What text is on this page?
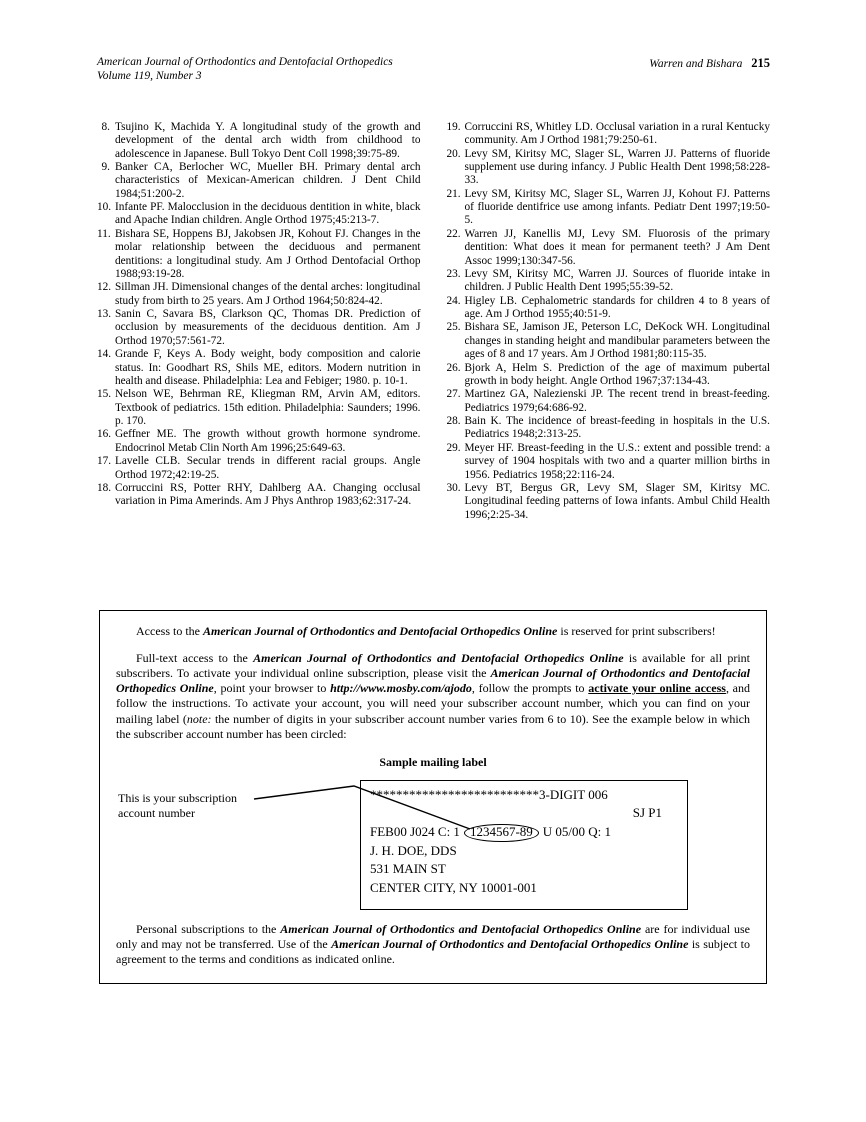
American Journal of Orthodontics and Dentofacial Orthopedics
Volume 119, Number 3
Warren and Bishara 215
8. Tsujino K, Machida Y. A longitudinal study of the growth and development of the dental arch width from childhood to adolescence in Japanese. Bull Tokyo Dent Coll 1998;39:75-89.
9. Banker CA, Berlocher WC, Mueller BH. Primary dental arch characteristics of Mexican-American children. J Dent Child 1984;51:200-2.
10. Infante PF. Malocclusion in the deciduous dentition in white, black and Apache Indian children. Angle Orthod 1975;45:213-7.
11. Bishara SE, Hoppens BJ, Jakobsen JR, Kohout FJ. Changes in the molar relationship between the deciduous and permanent dentitions: a longitudinal study. Am J Orthod Dentofacial Orthop 1988;93:19-28.
12. Sillman JH. Dimensional changes of the dental arches: longitudinal study from birth to 25 years. Am J Orthod 1964;50:824-42.
13. Sanin C, Savara BS, Clarkson QC, Thomas DR. Prediction of occlusion by measurements of the deciduous dentition. Am J Orthod 1970;57:561-72.
14. Grande F, Keys A. Body weight, body composition and calorie status. In: Goodhart RS, Shils ME, editors. Modern nutrition in health and disease. Philadelphia: Lea and Febiger; 1980. p. 10-1.
15. Nelson WE, Behrman RE, Kliegman RM, Arvin AM, editors. Textbook of pediatrics. 15th edition. Philadelphia: Saunders; 1996. p. 170.
16. Geffner ME. The growth without growth hormone syndrome. Endocrinol Metab Clin North Am 1996;25:649-63.
17. Lavelle CLB. Secular trends in different racial groups. Angle Orthod 1972;42:19-25.
18. Corruccini RS, Potter RHY, Dahlberg AA. Changing occlusal variation in Pima Amerinds. Am J Phys Anthrop 1983;62:317-24.
19. Corruccini RS, Whitley LD. Occlusal variation in a rural Kentucky community. Am J Orthod 1981;79:250-61.
20. Levy SM, Kiritsy MC, Slager SL, Warren JJ. Patterns of fluoride supplement use during infancy. J Public Health Dent 1998;58:228-33.
21. Levy SM, Kiritsy MC, Slager SL, Warren JJ, Kohout FJ. Patterns of fluoride dentifrice use among infants. Pediatr Dent 1997;19:50-5.
22. Warren JJ, Kanellis MJ, Levy SM. Fluorosis of the primary dentition: What does it mean for permanent teeth? J Am Dent Assoc 1999;130:347-56.
23. Levy SM, Kiritsy MC, Warren JJ. Sources of fluoride intake in children. J Public Health Dent 1995;55:39-52.
24. Higley LB. Cephalometric standards for children 4 to 8 years of age. Am J Orthod 1955;40:51-9.
25. Bishara SE, Jamison JE, Peterson LC, DeKock WH. Longitudinal changes in standing height and mandibular parameters between the ages of 8 and 17 years. Am J Orthod 1981;80:115-35.
26. Bjork A, Helm S. Prediction of the age of maximum pubertal growth in body height. Angle Orthod 1967;37:134-43.
27. Martinez GA, Nalezienski JP. The recent trend in breast-feeding. Pediatrics 1979;64:686-92.
28. Bain K. The incidence of breast-feeding in hospitals in the U.S. Pediatrics 1948;2:313-25.
29. Meyer HF. Breast-feeding in the U.S.: extent and possible trend: a survey of 1904 hospitals with two and a quarter million births in 1956. Pediatrics 1958;22:116-24.
30. Levy BT, Bergus GR, Levy SM, Slager SM, Kiritsy MC. Longitudinal feeding patterns of Iowa infants. Ambul Child Health 1996;2:25-34.

Access to the American Journal of Orthodontics and Dentofacial Orthopedics Online is reserved for print subscribers!

Full-text access to the American Journal of Orthodontics and Dentofacial Orthopedics Online is available for all print subscribers. To activate your individual online subscription, please visit the American Journal of Orthodontics and Dentofacial Orthopedics Online, point your browser to http://www.mosby.com/ajodo, follow the prompts to activate your online access, and follow the instructions. To activate your account, you will need your subscriber account number, which you can find on your mailing label (note: the number of digits in your subscriber account number varies from 6 to 10). See the example below in which the subscriber account number has been circled:

Sample mailing label
This is your subscription account number
**************************3-DIGIT 006
SJ P1
FEB00 J024 C: 1 1234567-89 U 05/00 Q: 1
J. H. DOE, DDS
531 MAIN ST
CENTER CITY, NY 10001-001

Personal subscriptions to the American Journal of Orthodontics and Dentofacial Orthopedics Online are for individual use only and may not be transferred. Use of the American Journal of Orthodontics and Dentofacial Orthopedics Online is subject to agreement to the terms and conditions as indicated online.
